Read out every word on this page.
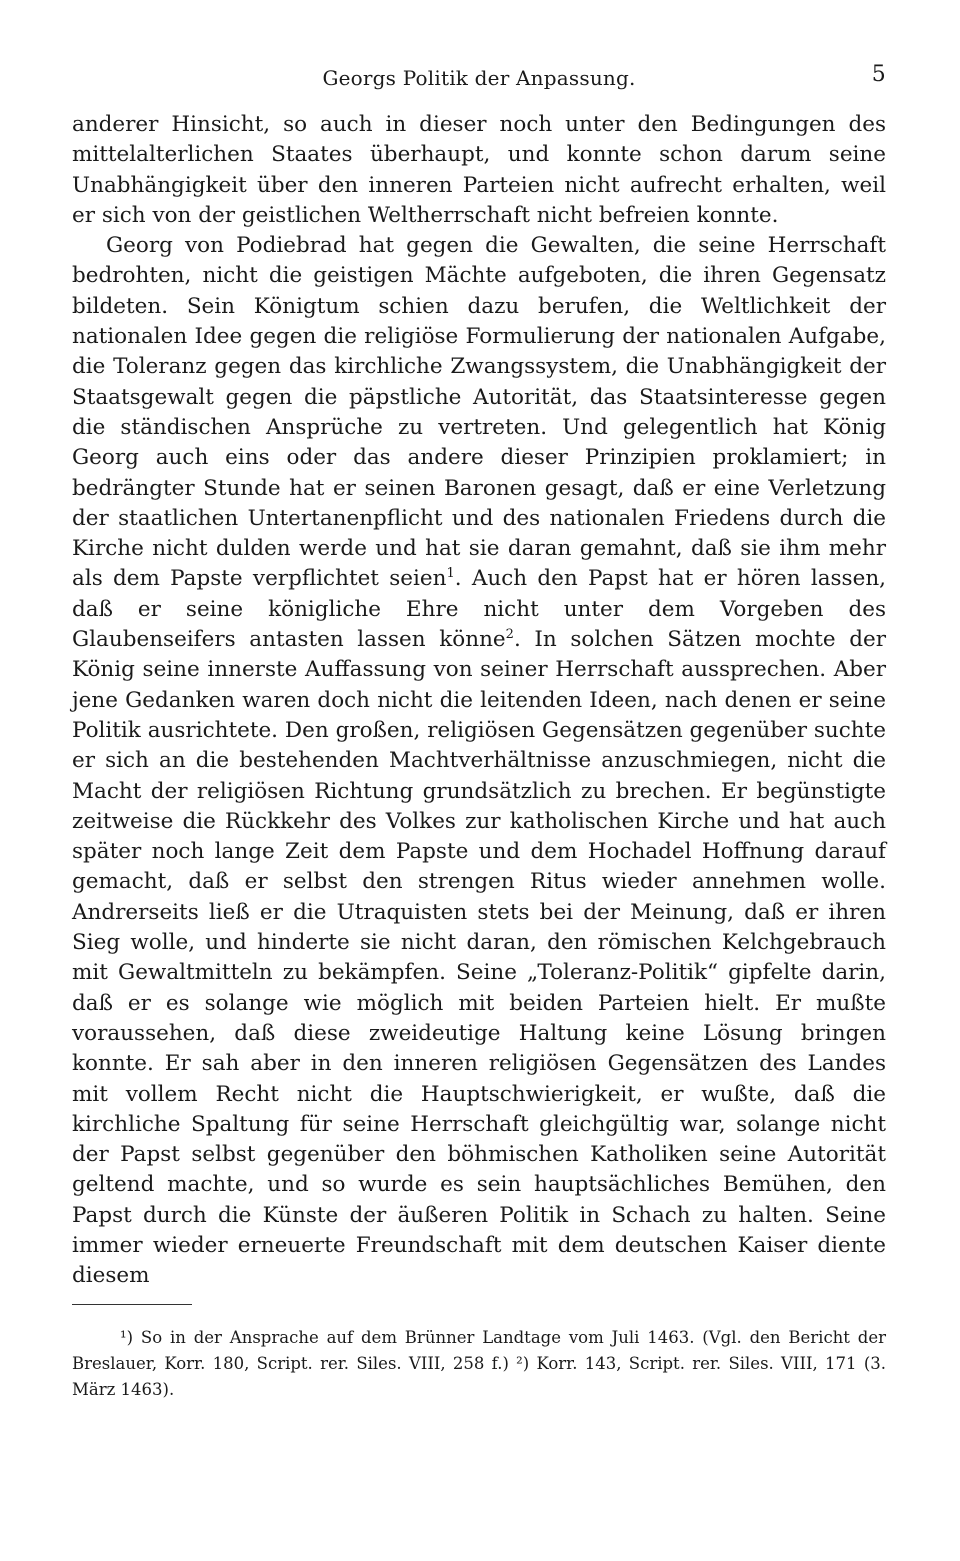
Georgs Politik der Anpassung.	5

anderer Hinsicht, so auch in dieser noch unter den Bedingungen des mittelalterlichen Staates überhaupt, und konnte schon darum seine Unabhängigkeit über den inneren Parteien nicht aufrecht erhalten, weil er sich von der geistlichen Weltherrschaft nicht befreien konnte.

Georg von Podiebrad hat gegen die Gewalten, die seine Herrschaft bedrohten, nicht die geistigen Mächte aufgeboten, die ihren Gegensatz bildeten. Sein Königtum schien dazu berufen, die Weltlichkeit der nationalen Idee gegen die religiöse Formulierung der nationalen Aufgabe, die Toleranz gegen das kirchliche Zwangssystem, die Unabhängigkeit der Staatsgewalt gegen die päpstliche Autorität, das Staatsinteresse gegen die ständischen Ansprüche zu vertreten. Und gelegentlich hat König Georg auch eins oder das andere dieser Prinzipien proklamiert; in bedrängter Stunde hat er seinen Baronen gesagt, daß er eine Verletzung der staatlichen Untertanenpflicht und des nationalen Friedens durch die Kirche nicht dulden werde und hat sie daran gemahnt, daß sie ihm mehr als dem Papste verpflichtet seien$^1$. Auch den Papst hat er hören lassen, daß er seine königliche Ehre nicht unter dem Vorgeben des Glaubenseifers antasten lassen könne$^2$. In solchen Sätzen mochte der König seine innerste Auffassung von seiner Herrschaft aussprechen. Aber jene Gedanken waren doch nicht die leitenden Ideen, nach denen er seine Politik ausrichtete. Den großen, religiösen Gegensätzen gegenüber suchte er sich an die bestehenden Machtverhältnisse anzuschmiegen, nicht die Macht der religiösen Richtung grundsätzlich zu brechen. Er begünstigte zeitweise die Rückkehr des Volkes zur katholischen Kirche und hat auch später noch lange Zeit dem Papste und dem Hochadel Hoffnung darauf gemacht, daß er selbst den strengen Ritus wieder annehmen wolle. Andrerseits ließ er die Utraquisten stets bei der Meinung, daß er ihren Sieg wolle, und hinderte sie nicht daran, den römischen Kelchgebrauch mit Gewaltmitteln zu bekämpfen. Seine „Toleranz-Politik“ gipfelte darin, daß er es solange wie möglich mit beiden Parteien hielt. Er mußte voraussehen, daß diese zweideutige Haltung keine Lösung bringen konnte. Er sah aber in den inneren religiösen Gegensätzen des Landes mit vollem Recht nicht die Hauptschwierigkeit, er wußte, daß die kirchliche Spaltung für seine Herrschaft gleichgültig war, solange nicht der Papst selbst gegenüber den böhmischen Katholiken seine Autorität geltend machte, und so wurde es sein hauptsächliches Bemühen, den Papst durch die Künste der äußeren Politik in Schach zu halten. Seine immer wieder erneuerte Freundschaft mit dem deutschen Kaiser diente diesem

¹) So in der Ansprache auf dem Brünner Landtage vom Juli 1463. (Vgl. den Bericht der Breslauer, Korr. 180, Script. rer. Siles. VIII, 258 f.) ²) Korr. 143, Script. rer. Siles. VIII, 171 (3. März 1463).
